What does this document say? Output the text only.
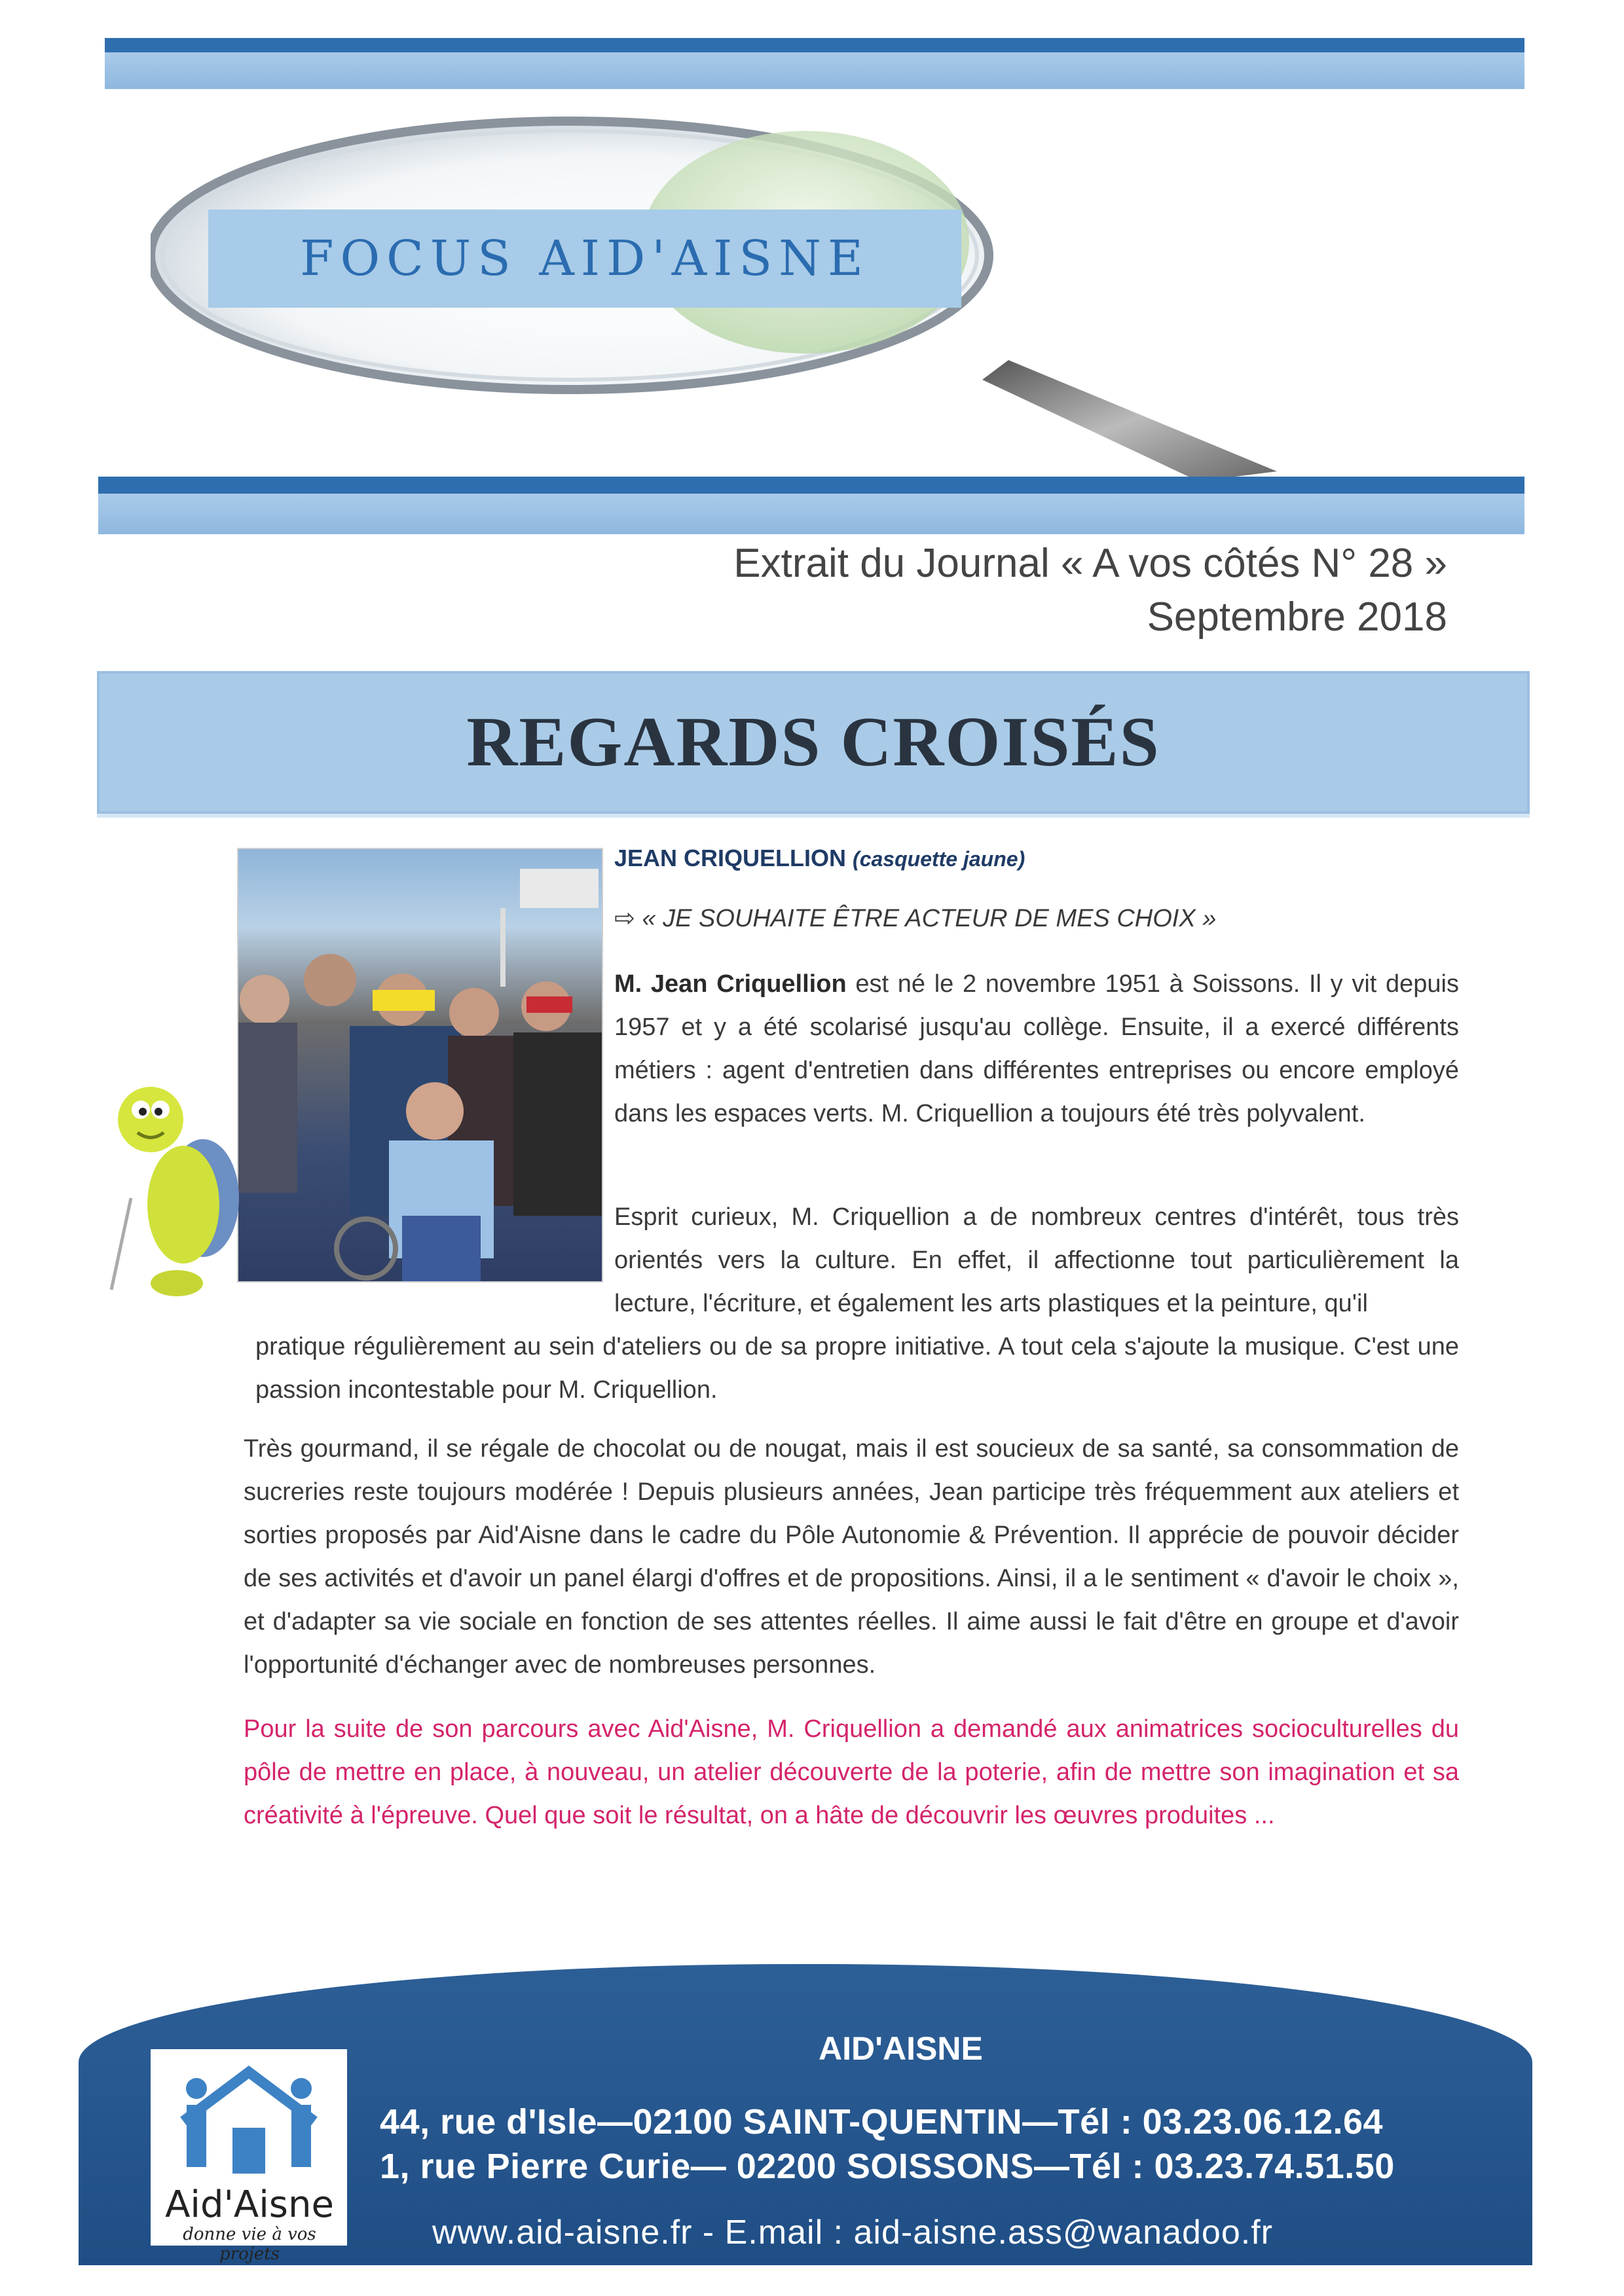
FOCUS AID'AISNE
Extrait du Journal « A vos côtés N° 28 »
Septembre 2018
REGARDS CROISÉS
JEAN CRIQUELLION (casquette jaune)
⇨ « JE SOUHAITE ÊTRE ACTEUR DE MES CHOIX »
M. Jean Criquellion est né le 2 novembre 1951 à Soissons. Il y vit depuis 1957 et y a été scolarisé jusqu'au collège. Ensuite, il a exercé différents métiers : agent d'entretien dans différentes entreprises ou encore employé dans les espaces verts. M. Criquellion a toujours été très polyvalent.
Esprit curieux, M. Criquellion a de nombreux centres d'intérêt, tous très orientés vers la culture. En effet, il affectionne tout particulièrement la lecture, l'écriture, et également les arts plastiques et la peinture, qu'il
pratique régulièrement au sein d'ateliers ou de sa propre initiative. A tout cela s'ajoute la musique. C'est une passion incontestable pour M. Criquellion.
Très gourmand, il se régale de chocolat ou de nougat, mais il est soucieux de sa santé, sa consommation de sucreries reste toujours modérée ! Depuis plusieurs années, Jean participe très fréquemment aux ateliers et sorties proposés par Aid'Aisne dans le cadre du Pôle Autonomie & Prévention. Il apprécie de pouvoir décider de ses activités et d'avoir un panel élargi d'offres et de propositions. Ainsi, il a le sentiment « d'avoir le choix », et d'adapter sa vie sociale en fonction de ses attentes réelles. Il aime aussi le fait d'être en groupe et d'avoir l'opportunité d'échanger avec de nombreuses personnes.
Pour la suite de son parcours avec Aid'Aisne, M. Criquellion a demandé aux animatrices socioculturelles du pôle de mettre en place, à nouveau, un atelier découverte de la poterie, afin de mettre son imagination et sa créativité à l'épreuve. Quel que soit le résultat, on a hâte de découvrir les œuvres produites ...
Aid'Aisne
donne vie à vos projets
AID'AISNE
44, rue d'Isle—02100 SAINT-QUENTIN—Tél : 03.23.06.12.64
1, rue Pierre Curie— 02200 SOISSONS—Tél : 03.23.74.51.50
www.aid-aisne.fr - E.mail : aid-aisne.ass@wanadoo.fr
